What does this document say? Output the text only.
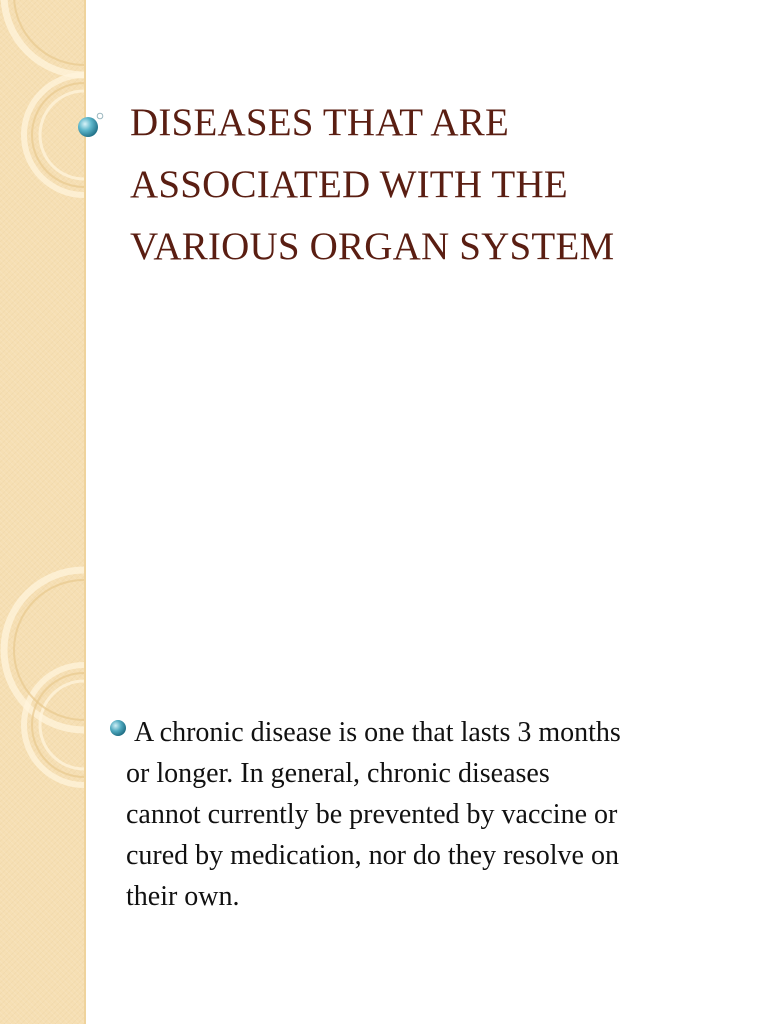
DISEASES THAT ARE
ASSOCIATED WITH THE
VARIOUS ORGAN SYSTEM

A chronic disease is one that lasts 3 months
or longer. In general, chronic diseases
cannot currently be prevented by vaccine or
cured by medication, nor do they resolve on
their own.
